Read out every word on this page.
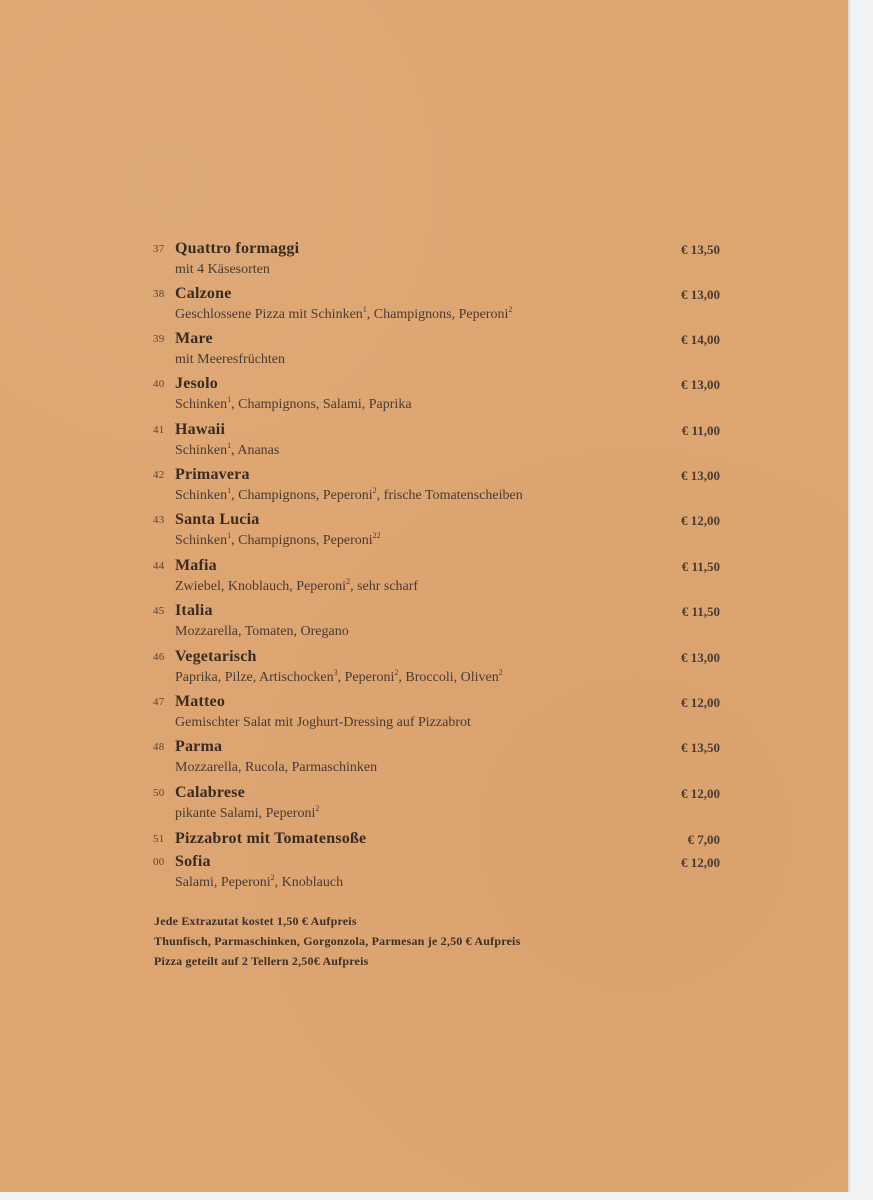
37 Quattro formaggi	€ 13,50
mit 4 Käsesorten
38 Calzone	€ 13,00
Geschlossene Pizza mit Schinken$^1$, Champignons, Peperoni$^2$
39 Mare	€ 14,00
mit Meeresfrüchten
40 Jesolo	€ 13,00
Schinken$^1$, Champignons, Salami, Paprika
41 Hawaii	€ 11,00
Schinken$^1$, Ananas
42 Primavera	€ 13,00
Schinken$^1$, Champignons, Peperoni$^2$, frische Tomatenscheiben
43 Santa Lucia	€ 12,00
Schinken$^1$, Champignons, Peperoni$^{22}$
44 Mafia	€ 11,50
Zwiebel, Knoblauch, Peperoni$^2$, sehr scharf
45 Italia	€ 11,50
Mozzarella, Tomaten, Oregano
46 Vegetarisch	€ 13,00
Paprika, Pilze, Artischocken$^3$, Peperoni$^2$, Broccoli, Oliven$^2$
47 Matteo	€ 12,00
Gemischter Salat mit Joghurt-Dressing auf Pizzabrot
48 Parma	€ 13,50
Mozzarella, Rucola, Parmaschinken
50 Calabrese	€ 12,00
pikante Salami, Peperoni$^2$
51 Pizzabrot mit Tomatensoße	€ 7,00
00 Sofia	€ 12,00
Salami, Peperoni$^2$, Knoblauch
Jede Extrazutat kostet 1,50 € Aufpreis
Thunfisch, Parmaschinken, Gorgonzola, Parmesan je 2,50 € Aufpreis
Pizza geteilt auf 2 Tellern 2,50€ Aufpreis
